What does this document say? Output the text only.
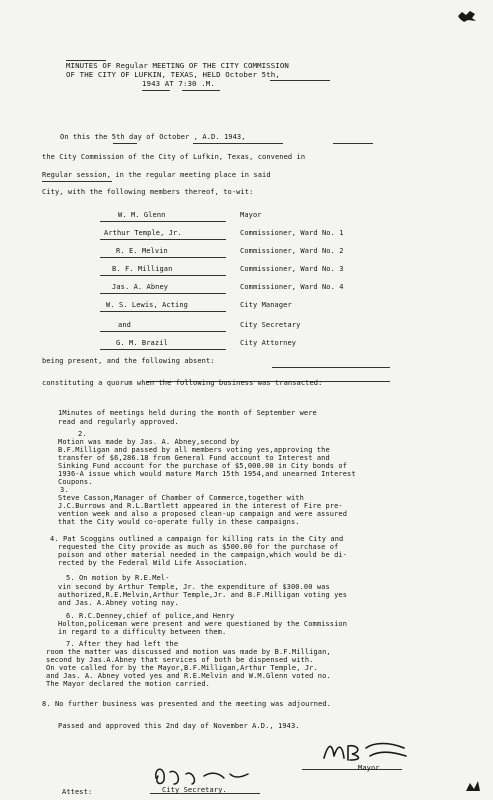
MINUTES OF Regular MEETING OF THE CITY COMMISSION
OF THE CITY OF LUFKIN, TEXAS, HELD October 5th,
1943 AT 7:30 .M.
On this the 5th day of October , A.D. 1943,
the City Commission of the City of Lufkin, Texas, convened in
Regular session, in the regular meeting place in said
City, with the following members thereof, to-wit:
W. M. Glenn	Mayor
Arthur Temple, Jr.	Commissioner, Ward No. 1
R. E. Melvin	Commissioner, Ward No. 2
B. F. Milligan	Commissioner, Ward No. 3
Jas. A. Abney	Commissioner, Ward No. 4
W. S. Lewis, Acting	City Manager
and	City Secretary
G. M. Brazil	City Attorney
being present, and the following absent:
constituting a quorum when the following business was transacted:
1Minutes of meetings held during the month of September were
read and regularly approved.
2.
Motion was made by Jas. A. Abney,second by
B.F.Milligan and passed by all members voting yes,approving the
transfer of $6,286.18 from General Fund account to Interest and
Sinking Fund account for the purchase of $5,000.00 in City bonds of
1936-A issue which would mature March 15th 1954,and unearned Interest
Coupons.
3.
Steve Casson,Manager of Chamber of Commerce,together with
J.C.Burrows and R.L.Bartlett appeared in the interest of Fire pre-
vention week and also a proposed clean-up campaign and were assured
that the City would co-operate fully in these campaigns.
4. Pat Scoggins outlined a campaign for killing rats in the City and
requested the City provide as much as $500.00 for the purchase of
poison and other material needed in the campaign,which would be di-
rected by the Federal Wild Life Association.
5. On motion by R.E.Mel-
vin second by Arthur Temple, Jr. the expenditure of $300.00 was
authorized,R.E.Melvin,Arthur Temple,Jr. and B.F.Milligan voting yes
and Jas. A.Abney voting nay.
6. R.C.Denney,chief of police,and Henry
Holton,policeman were present and were questioned by the Commission
in regard to a difficulty between them.
7. After they had left the
room the matter was discussed and motion was made by B.F.Milligan,
second by Jas.A.Abney that services of both be dispensed with.
On vote called for by the Mayor,B.F.Milligan,Arthur Temple, Jr.
and Jas. A. Abney voted yes and R.E.Melvin and W.M.Glenn voted no.
The Mayor declared the motion carried.
8. No further business was presented and the meeting was adjourned.
Passed and approved this 2nd day of November A.D., 1943.
Mayor
Attest:	City Secretary.
